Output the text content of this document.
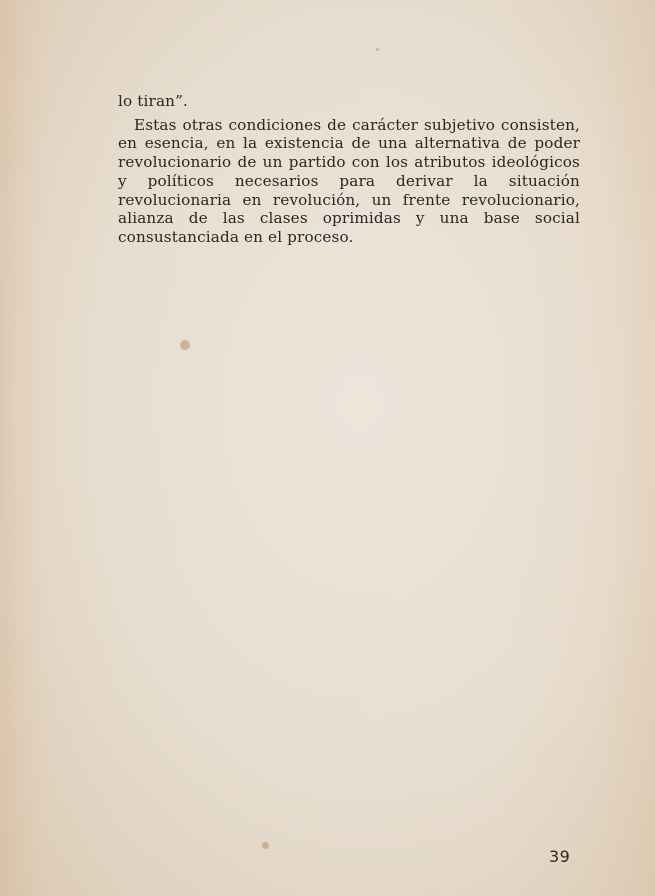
lo tiran”.

Estas otras condiciones de carácter subjetivo consisten, en esencia, en la existencia de una alternativa de poder revolucionario de un partido con los atributos ideológicos y políticos necesarios para derivar la situación revolucionaria en revolución, un frente revolucionario, alianza de las clases oprimidas y una base social consustanciada en el proceso.

39
